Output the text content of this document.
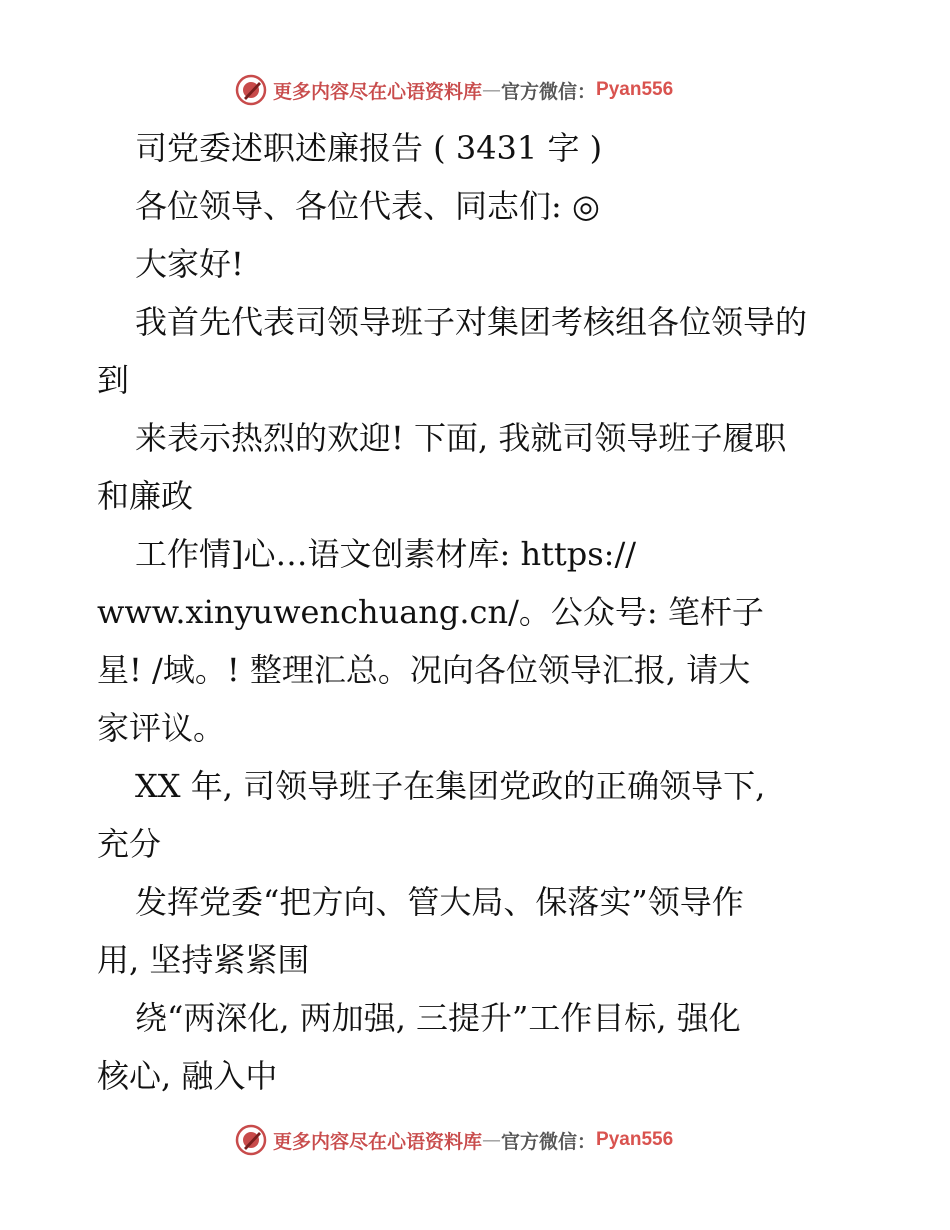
更多内容尽在心语资料库 — 官方微信： Pyan556
司党委述职述廉报告 ( 3431 字 )
各位领导、各位代表、同志们: ◎
大家好!
我首先代表司领导班子对集团考核组各位领导的
到
来表示热烈的欢迎! 下面, 我就司领导班子履职
和廉政
工作情]心…语文创素材库: https://
www.xinyuwenchuang.cn/。公众号: 笔杆子
星! /域。! 整理汇总。况向各位领导汇报, 请大
家评议。
XX 年, 司领导班子在集团党政的正确领导下,
充分
发挥党委“把方向、管大局、保落实”领导作
用, 坚持紧紧围
绕“两深化, 两加强, 三提升”工作目标, 强化
核心, 融入中
更多内容尽在心语资料库 — 官方微信： Pyan556
